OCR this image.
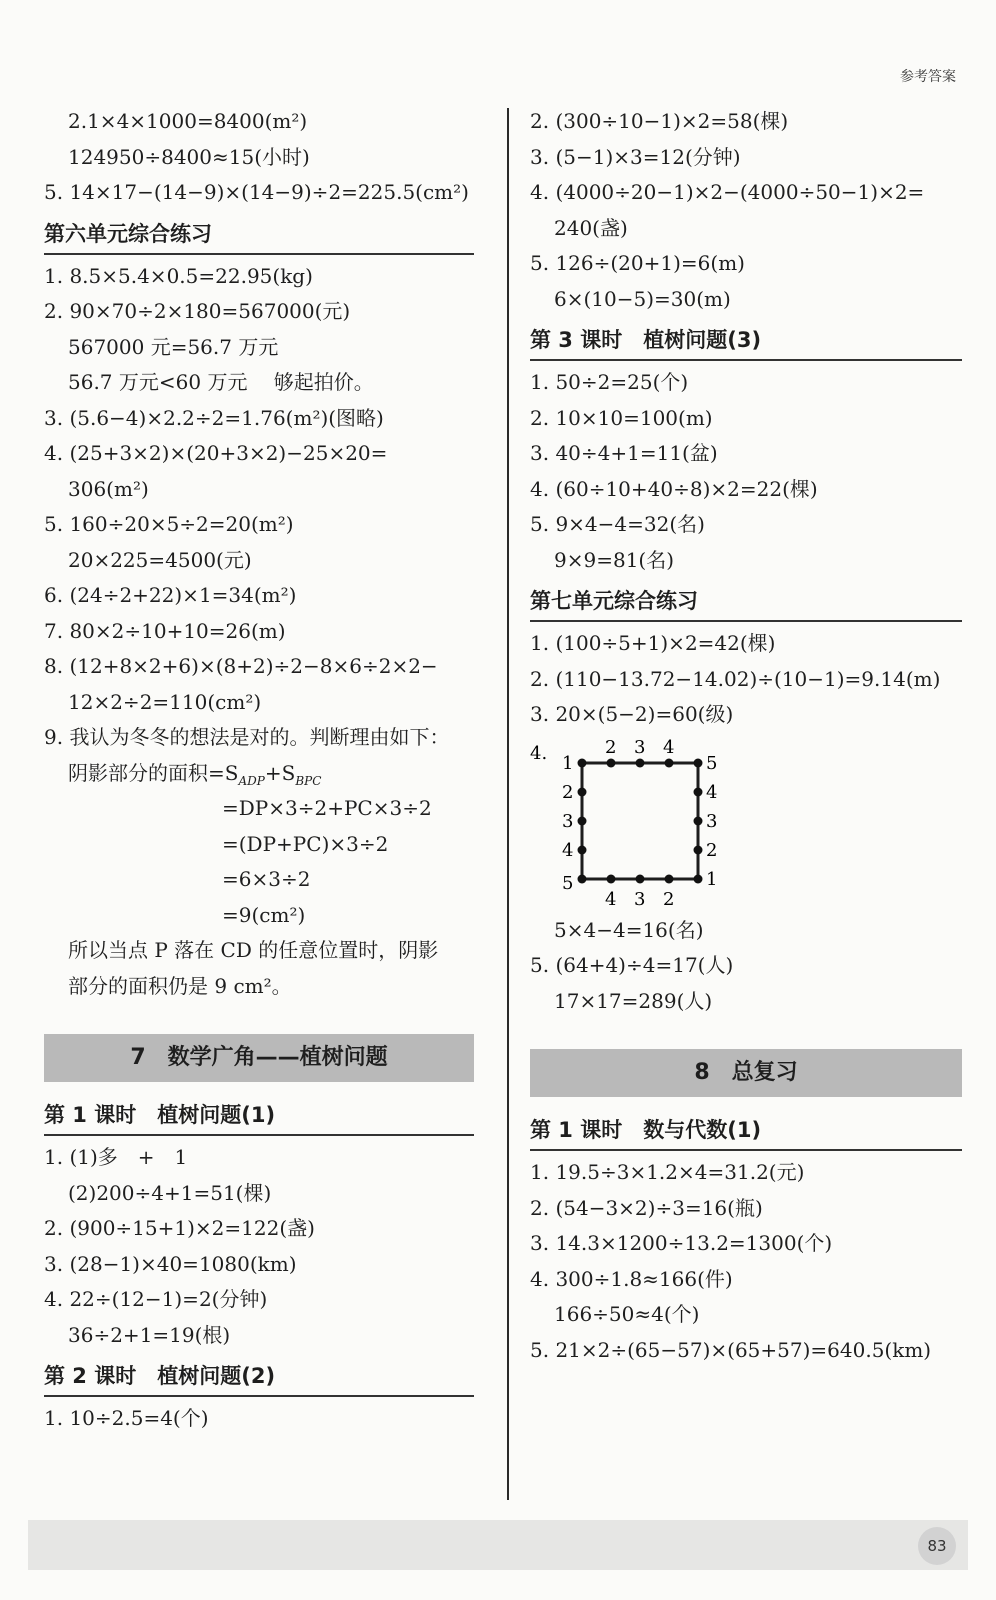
参考答案
2.1×4×1000=8400(m²)
124950÷8400≈15(小时)
5. 14×17−(14−9)×(14−9)÷2=225.5(cm²)
第六单元综合练习
1. 8.5×5.4×0.5=22.95(kg)
2. 90×70÷2×180=567000(元)
567000 元=56.7 万元
56.7 万元<60 万元　 够起拍价。
3. (5.6−4)×2.2÷2=1.76(m²)(图略)
4. (25+3×2)×(20+3×2)−25×20=
306(m²)
5. 160÷20×5÷2=20(m²)
20×225=4500(元)
6. (24÷2+22)×1=34(m²)
7. 80×2÷10+10=26(m)
8. (12+8×2+6)×(8+2)÷2−8×6÷2×2−
12×2÷2=110(cm²)
9. 我认为冬冬的想法是对的。判断理由如下：
阴影部分的面积$=S_{ADP}+S_{BPC}$
=DP×3÷2+PC×3÷2
=(DP+PC)×3÷2
=6×3÷2
=9(cm²)
所以当点 P 落在 CD 的任意位置时，阴影
部分的面积仍是 9 cm²。
7 数学广角——植树问题
第 1 课时　植树问题(1)
1. (1)多　+　1
(2)200÷4+1=51(棵)
2. (900÷15+1)×2=122(盏)
3. (28−1)×40=1080(km)
4. 22÷(12−1)=2(分钟)
36÷2+1=19(根)
第 2 课时　植树问题(2)
1. 10÷2.5=4(个)
2. (300÷10−1)×2=58(棵)
3. (5−1)×3=12(分钟)
4. (4000÷20−1)×2−(4000÷50−1)×2=
240(盏)
5. 126÷(20+1)=6(m)
6×(10−5)=30(m)
第 3 课时　植树问题(3)
1. 50÷2=25(个)
2. 10×10=100(m)
3. 40÷4+1=11(盆)
4. (60÷10+40÷8)×2=22(棵)
5. 9×4−4=32(名)
9×9=81(名)
第七单元综合练习
1. (100÷5+1)×2=42(棵)
2. (110−13.72−14.02)÷(10−1)=9.14(m)
3. 20×(5−2)=60(级)
4.	2 3 4
1	5
2
3
4
4
3
2
5	1
4 3 2
5×4−4=16(名)
5. (64+4)÷4=17(人)
17×17=289(人)
8 总复习
第 1 课时　数与代数(1)
1. 19.5÷3×1.2×4=31.2(元)
2. (54−3×2)÷3=16(瓶)
3. 14.3×1200÷13.2=1300(个)
4. 300÷1.8≈166(件)
166÷50≈4(个)
5. 21×2÷(65−57)×(65+57)=640.5(km)
83
